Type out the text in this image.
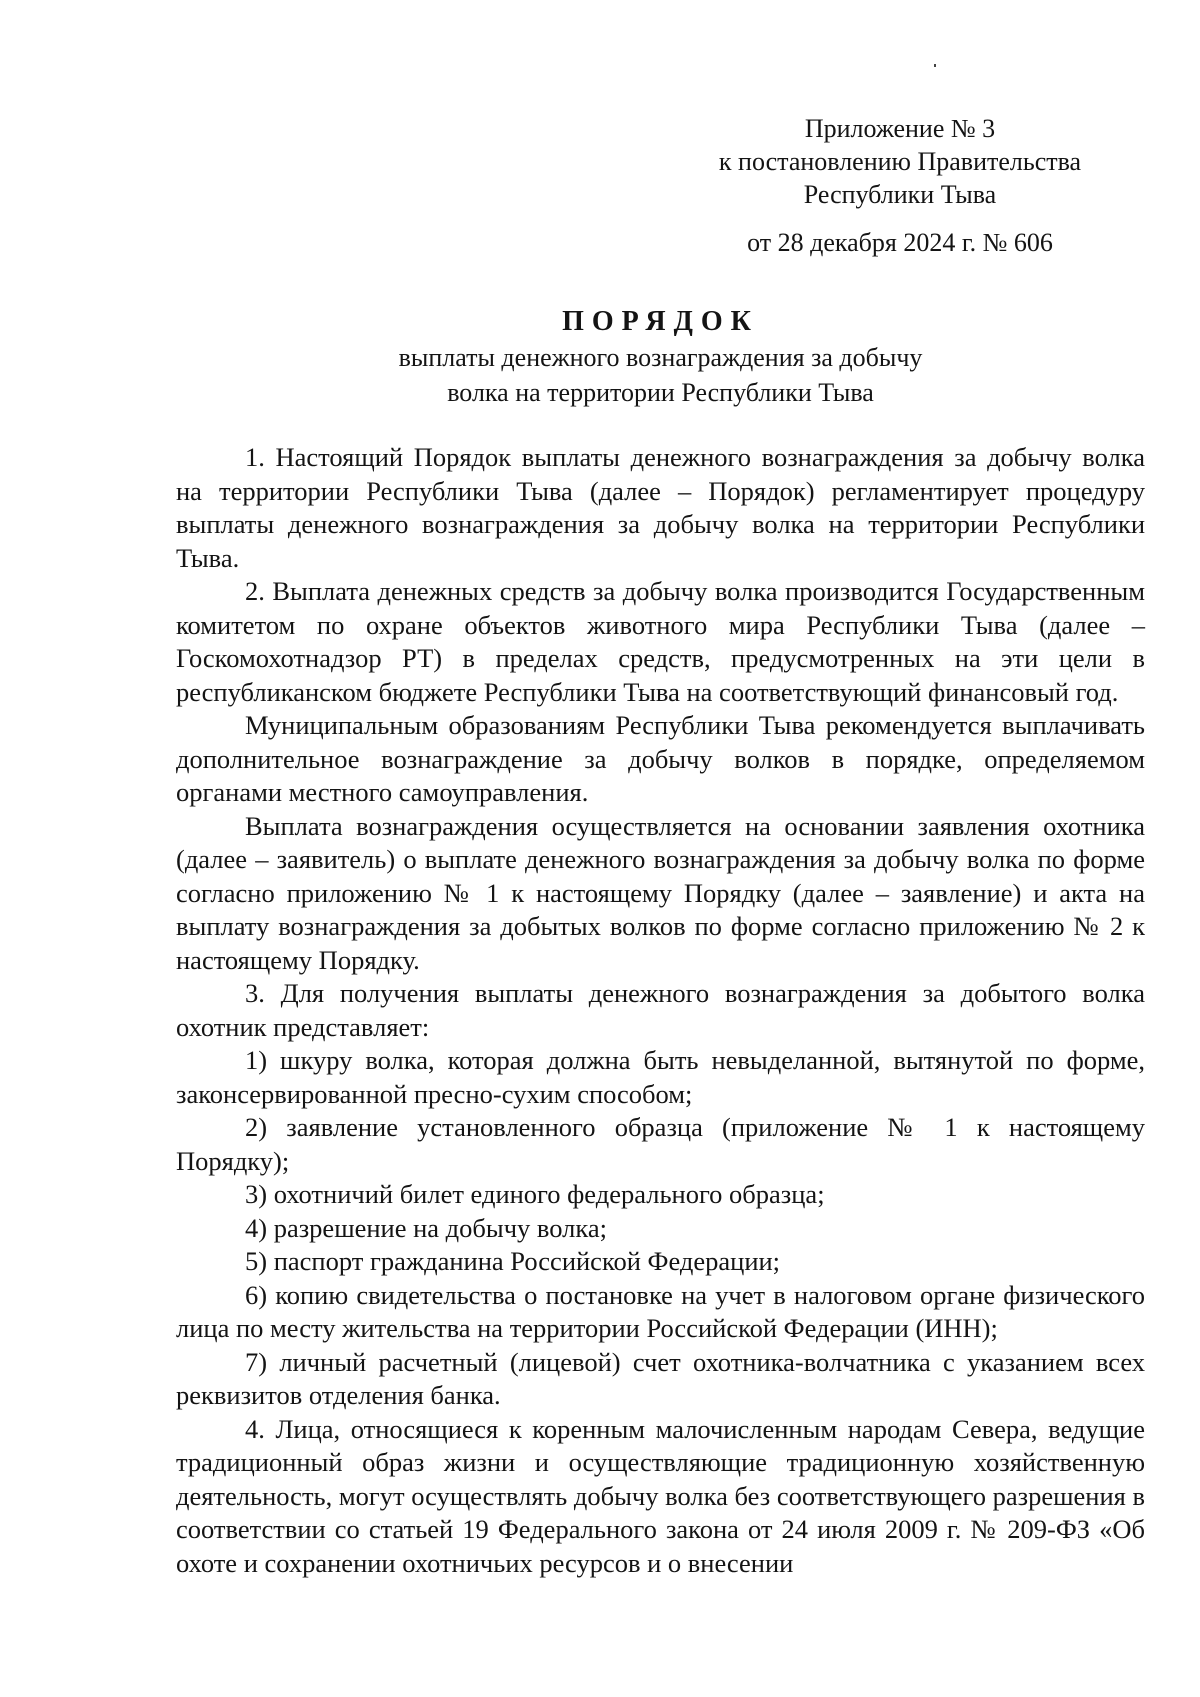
Приложение № 3
к постановлению Правительства
Республики Тыва
от 28 декабря 2024 г. № 606
ПОРЯДОК
выплаты денежного вознаграждения за добычу
волка на территории Республики Тыва

1. Настоящий Порядок выплаты денежного вознаграждения за добычу волка на территории Республики Тыва (далее – Порядок) регламентирует процедуру выплаты денежного вознаграждения за добычу волка на территории Республики Тыва.

2. Выплата денежных средств за добычу волка производится Государственным комитетом по охране объектов животного мира Республики Тыва (далее – Госкомохотнадзор РТ) в пределах средств, предусмотренных на эти цели в республиканском бюджете Республики Тыва на соответствующий финансовый год.

Муниципальным образованиям Республики Тыва рекомендуется выплачивать дополнительное вознаграждение за добычу волков в порядке, определяемом органами местного самоуправления.

Выплата вознаграждения осуществляется на основании заявления охотника (далее – заявитель) о выплате денежного вознаграждения за добычу волка по форме согласно приложению № 1 к настоящему Порядку (далее – заявление) и акта на выплату вознаграждения за добытых волков по форме согласно приложению № 2 к настоящему Порядку.

3. Для получения выплаты денежного вознаграждения за добытого волка охотник представляет:

1) шкуру волка, которая должна быть невыделанной, вытянутой по форме, законсервированной пресно-сухим способом;

2) заявление установленного образца (приложение № 1 к настоящему Порядку);

3) охотничий билет единого федерального образца;

4) разрешение на добычу волка;

5) паспорт гражданина Российской Федерации;

6) копию свидетельства о постановке на учет в налоговом органе физического лица по месту жительства на территории Российской Федерации (ИНН);

7) личный расчетный (лицевой) счет охотника-волчатника с указанием всех реквизитов отделения банка.

4. Лица, относящиеся к коренным малочисленным народам Севера, ведущие традиционный образ жизни и осуществляющие традиционную хозяйственную деятельность, могут осуществлять добычу волка без соответствующего разрешения в соответствии со статьей 19 Федерального закона от 24 июля 2009 г. № 209-ФЗ «Об охоте и сохранении охотничьих ресурсов и о внесении
